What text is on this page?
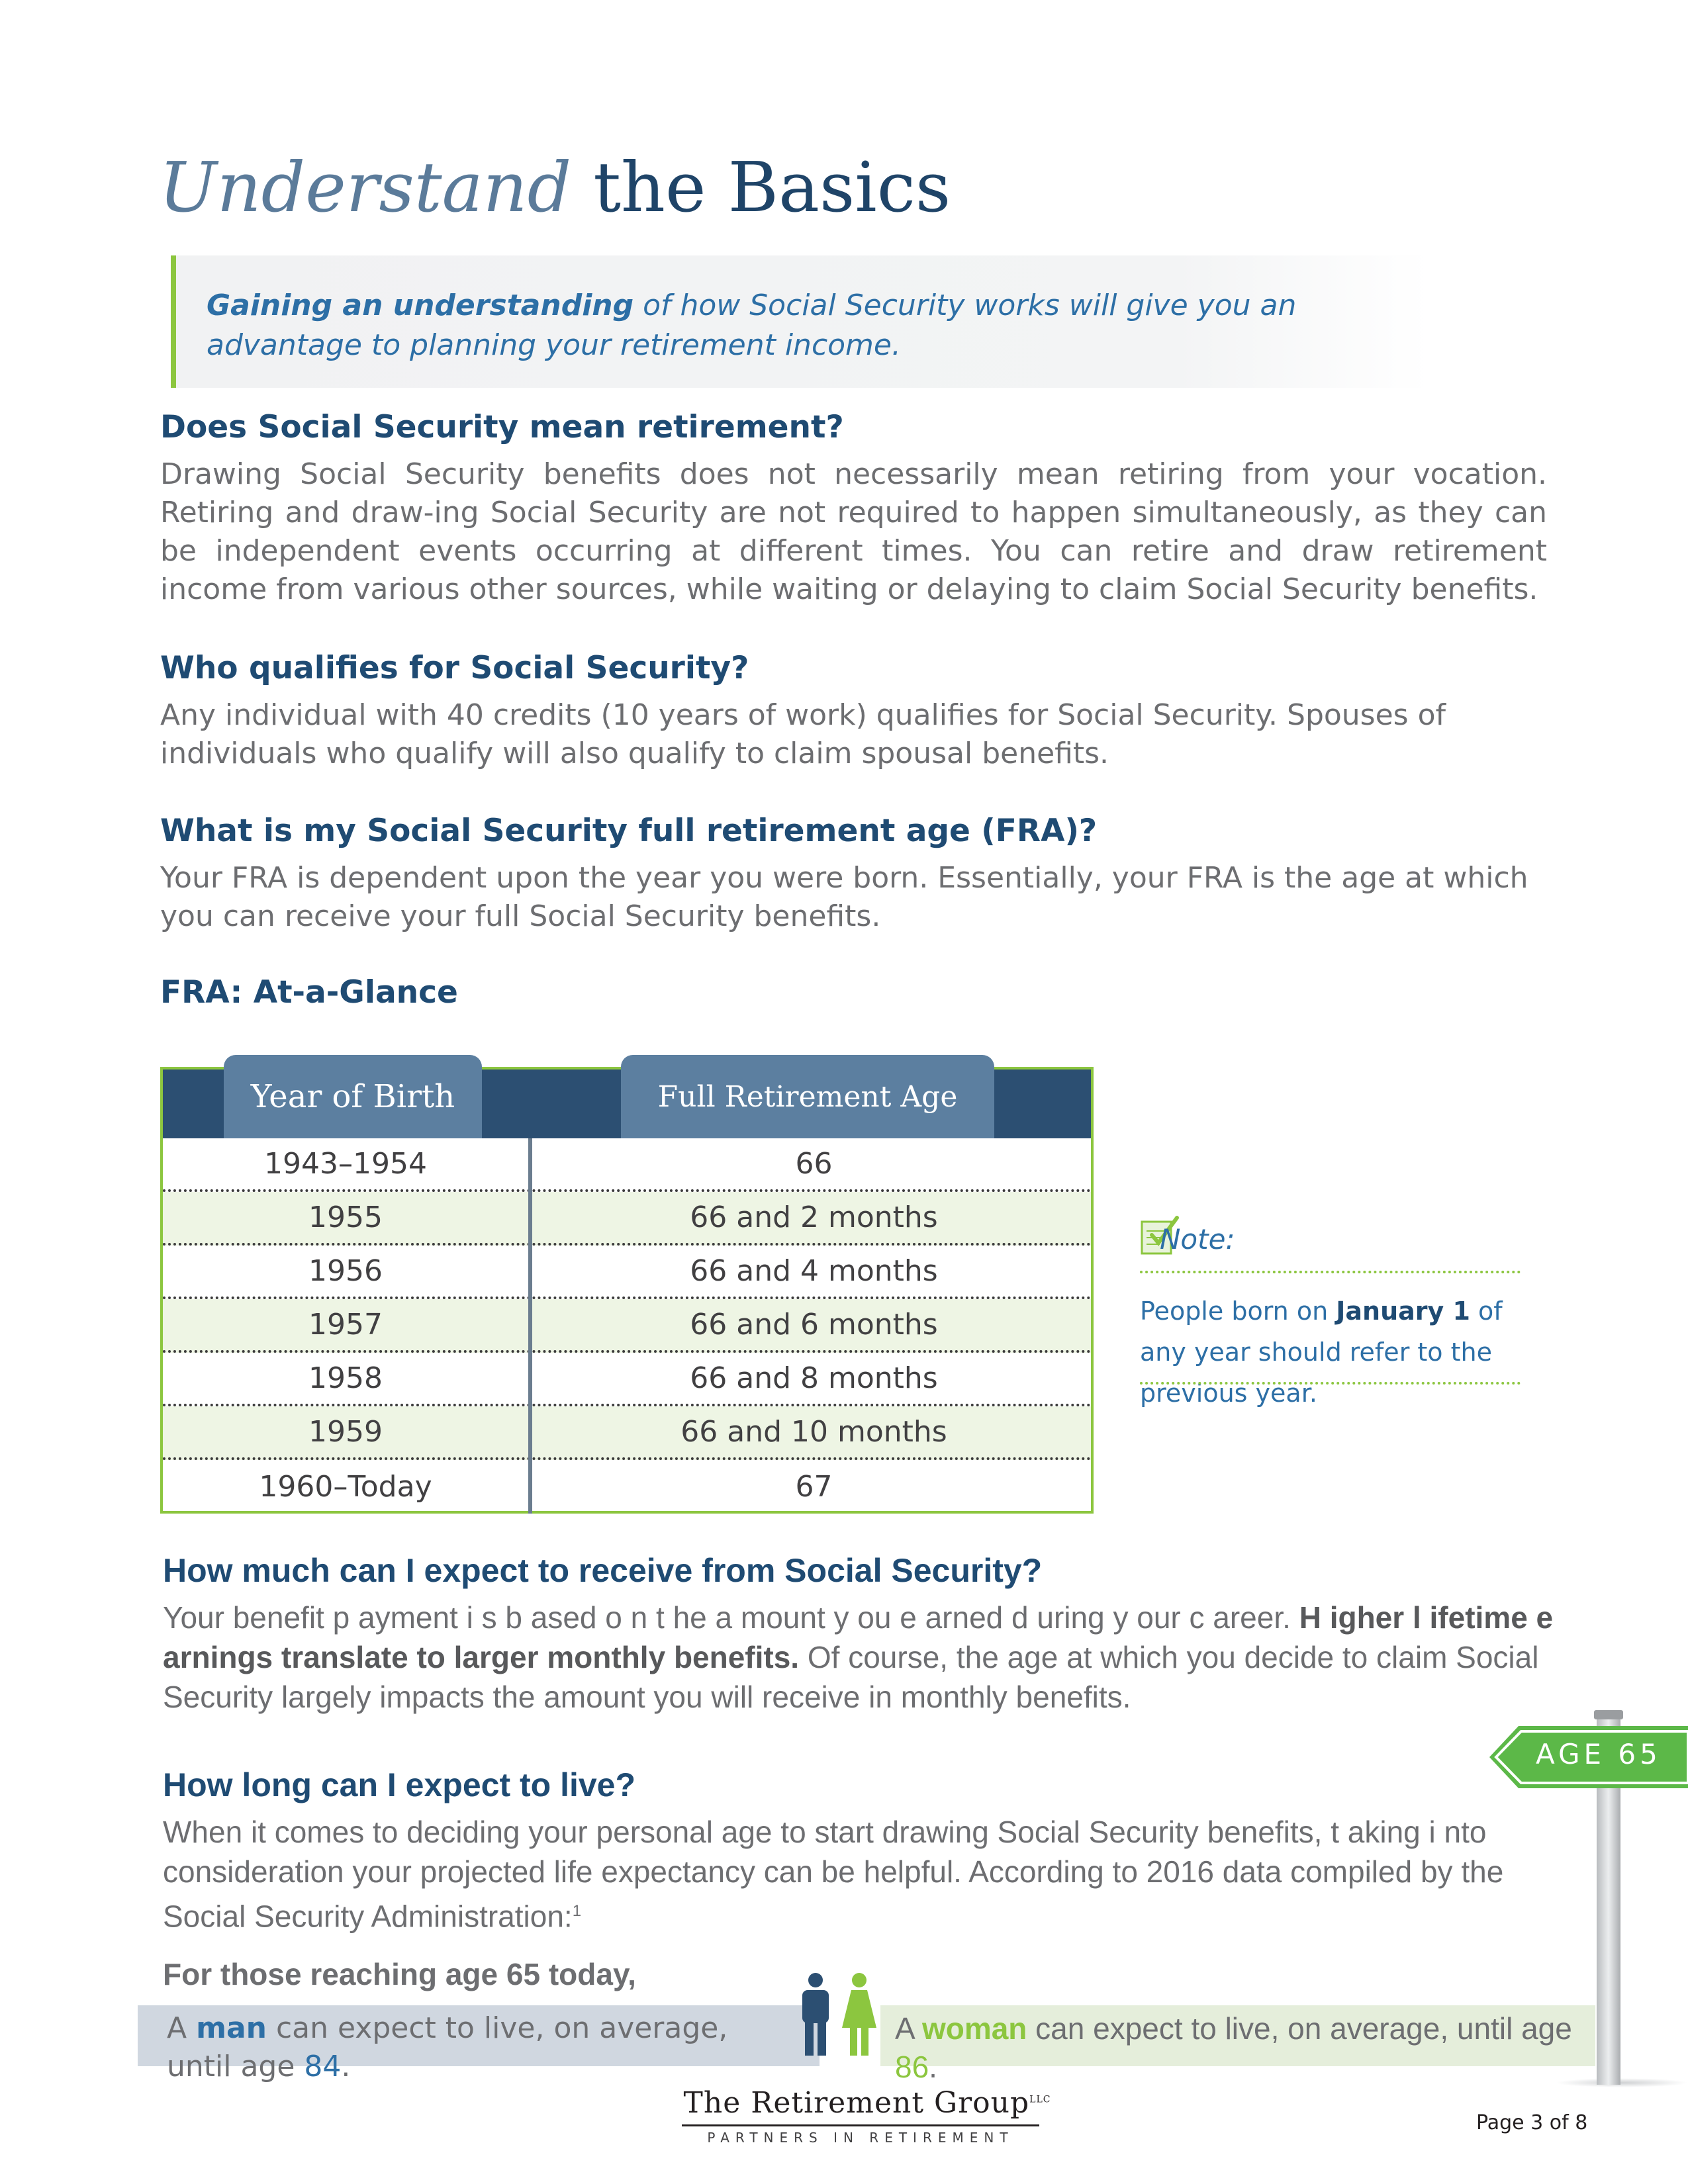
Understand the Basics

Gaining an understanding of how Social Security works will give you an advantage to planning your retirement income.

Does Social Security mean retirement?
Drawing Social Security benefits does not necessarily mean retiring from your vocation. Retiring and draw-ing Social Security are not required to happen simultaneously, as they can be independent events occurring at different times. You can retire and draw retirement income from various other sources, while waiting or delaying to claim Social Security benefits.
Who qualifies for Social Security?
Any individual with 40 credits (10 years of work) qualifies for Social Security. Spouses of individuals who qualify will also qualify to claim spousal benefits.
What is my Social Security full retirement age (FRA)?
Your FRA is dependent upon the year you were born. Essentially, your FRA is the age at which you can receive your full Social Security benefits.
FRA: At-a-Glance
Year of Birth	Full Retirement Age
1943–1954	66
1955	66 and 2 months
1956	66 and 4 months
1957	66 and 6 months
1958	66 and 8 months
1959	66 and 10 months
1960–Today	67
Note:
People born on January 1 of any year should refer to the previous year.
How much can I expect to receive from Social Security?
Your benefit p ayment i s b ased o n t he a mount y ou e arned d uring y our c areer. H igher l ifetime e arnings translate to larger monthly benefits. Of course, the age at which you decide to claim Social Security largely impacts the amount you will receive in monthly benefits.
AGE 65
How long can I expect to live?
When it comes to deciding your personal age to start drawing Social Security benefits, t aking i nto consideration your projected life expectancy can be helpful. According to 2016 data compiled by the Social Security Administration:$^1$
For those reaching age 65 today,
A man can expect to live, on average, until age 84.
A woman can expect to live, on average, until age 86.
The Retirement Group$^{LLC}$
PARTNERS IN RETIREMENT
Page 3 of 8
